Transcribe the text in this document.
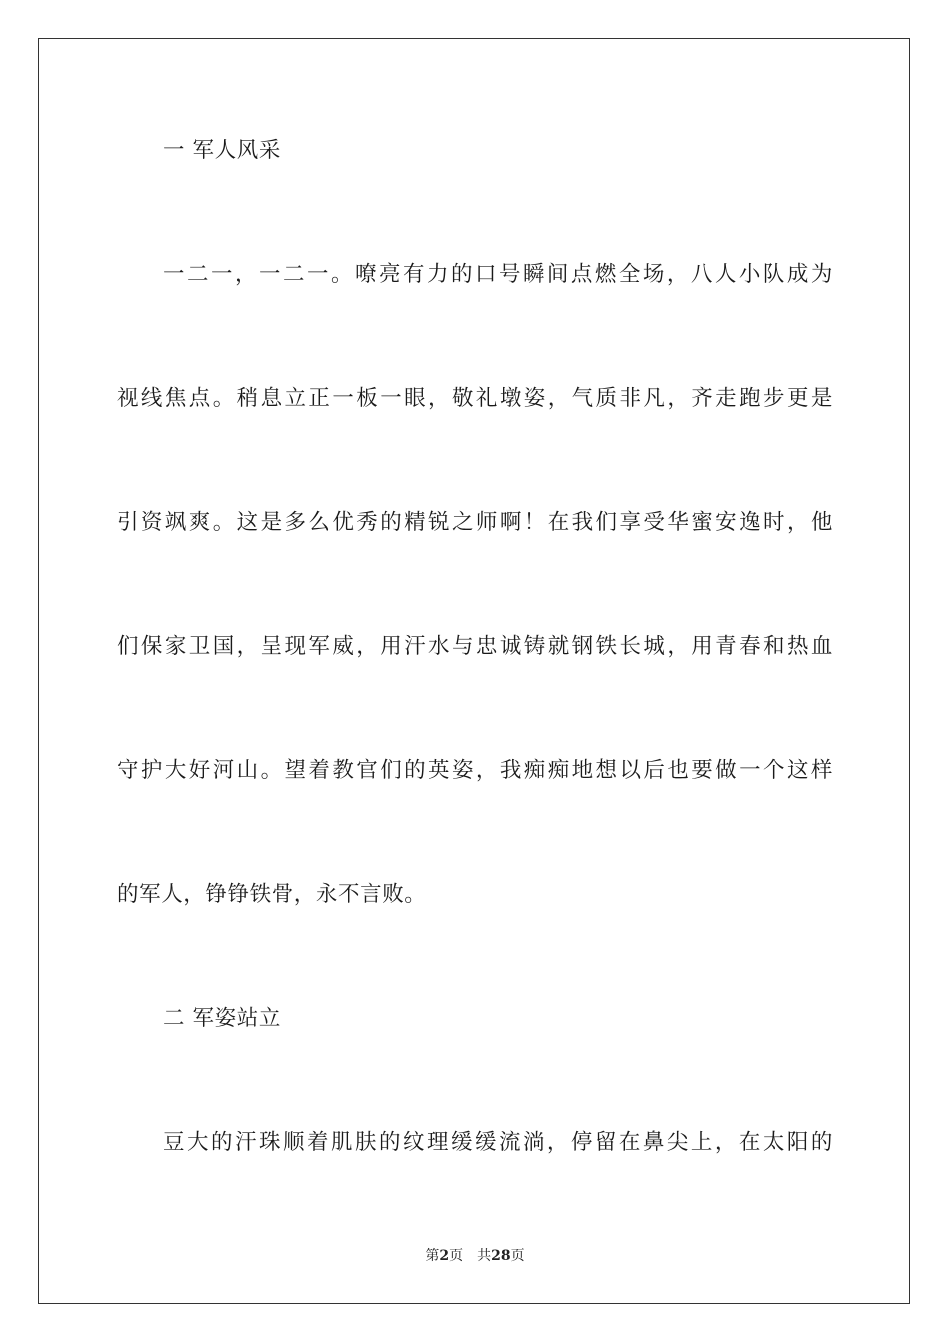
一 军人风采
一二一，一二一。嘹亮有力的口号瞬间点燃全场，八人小队成为
视线焦点。稍息立正一板一眼，敬礼墩姿，气质非凡，齐走跑步更是
引资飒爽。这是多么优秀的精锐之师啊！在我们享受华蜜安逸时，他
们保家卫国，呈现军威，用汗水与忠诚铸就钢铁长城，用青春和热血
守护大好河山。望着教官们的英姿，我痴痴地想以后也要做一个这样
的军人，铮铮铁骨，永不言败。
二 军姿站立
豆大的汗珠顺着肌肤的纹理缓缓流淌，停留在鼻尖上，在太阳的
第2页 共28页
